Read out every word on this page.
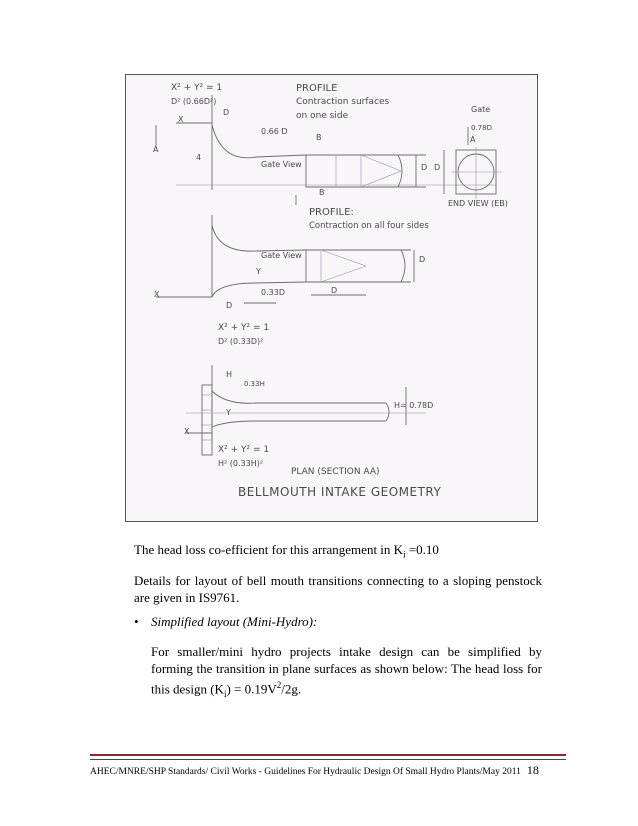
X² + Y² = 1
D² (0.66D²)
PROFILE
Contraction surfaces
on one side
0.66 D
Gate View
Gate
0.78D
END VIEW (EB)
PROFILE:
Contraction on all four sides
Gate View
0.33D
X² + Y² = 1
D² (0.33D)²
0.33H
H= 0.78D
X² + Y² = 1
H² (0.33H)²
PLAN (SECTION AA)
BELLMOUTH INTAKE GEOMETRY
D
X
A
4
B
D D
A
B
Y
X
D
D
D
H
Y
X
The head loss co-efficient for this arrangement in $K_i =0.10$
Details for layout of bell mouth transitions connecting to a sloping penstock are given in IS9761.
• Simplified layout (Mini-Hydro):
For smaller/mini hydro projects intake design can be simplified by forming the transition in plane surfaces as shown below: The head loss for this design $(K_i) = 0.19V^2/2g$.
AHEC/MNRE/SHP Standards/ Civil Works - Guidelines For Hydraulic Design Of Small Hydro Plants/May 2011 18
